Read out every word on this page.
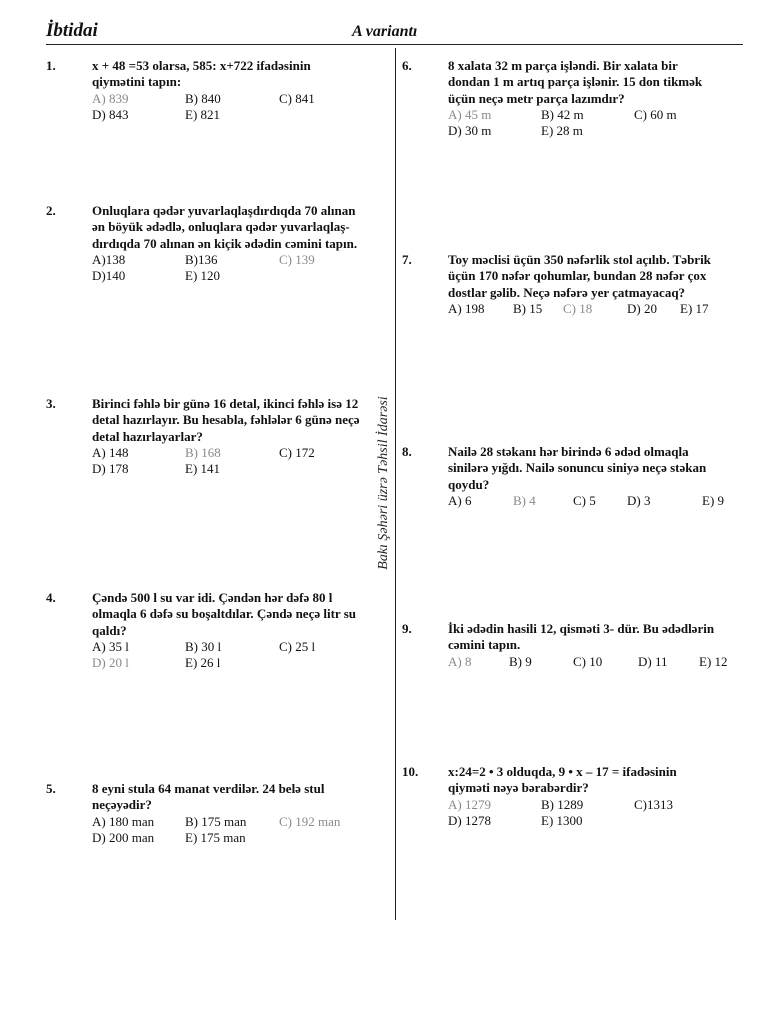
İbtidai	A variantı
Bakı Şəhəri üzrə Təhsil İdarəsi
1.	x + 48 =53 olarsa, 585: x+722 ifadəsinin
qiymətini tapın:
A) 839	B) 840	C) 841
D) 843	E) 821
2.	Onluqlara qədər yuvarlaqlaşdırdıqda 70 alınan
ən böyük ədədlə, onluqlara qədər yuvarlaqlaş-
dırdıqda 70 alınan ən kiçik ədədin cəmini tapın.
A)138	B)136	C) 139
D)140	E) 120
3.	Birinci fəhlə bir günə 16 detal, ikinci fəhlə isə 12
detal hazırlayır. Bu hesabla, fəhlələr 6 günə neçə
detal hazırlayarlar?
A) 148	B) 168	C) 172
D) 178	E) 141
4.	Çəndə 500 l su var idi. Çəndən hər dəfə 80 l
olmaqla 6 dəfə su boşaltdılar. Çəndə neçə litr su
qaldı?
A) 35 l	B) 30 l	C) 25 l
D) 20 l	E) 26 l
5.	8 eyni stula 64 manat verdilər. 24 belə stul
neçəyədir?
A) 180 man B) 175 man	C) 192 man
D) 200 man E) 175 man
6.	8 xalata 32 m parça işləndi. Bir xalata bir
dondan 1 m artıq parça işlənir. 15 don tikmək
üçün neçə metr parça lazımdır?
A) 45 m	B) 42 m	C) 60 m
D) 30 m	E) 28 m
7.	Toy məclisi üçün 350 nəfərlik stol açılıb. Təbrik
üçün 170 nəfər qohumlar, bundan 28 nəfər çox
dostlar gəlib. Neçə nəfərə yer çatmayacaq?
A) 198 B) 15 C) 18	D) 20 E) 17
8.	Nailə 28 stəkanı hər birində 6 ədəd olmaqla
sinilərə yığdı. Nailə sonuncu siniyə neçə stəkan
qoydu?
A) 6	B) 4	C) 5 D) 3	E) 9
9.	İki ədədin hasili 12, qisməti 3- dür. Bu ədədlərin
cəmini tapın.
A) 8	B) 9	C) 10	D) 11 E) 12
10. x:24=2 • 3 olduqda, 9 • x – 17 = ifadəsinin
qiyməti nəyə bərabərdir?
A) 1279	B) 1289	C)1313
D) 1278	E) 1300
